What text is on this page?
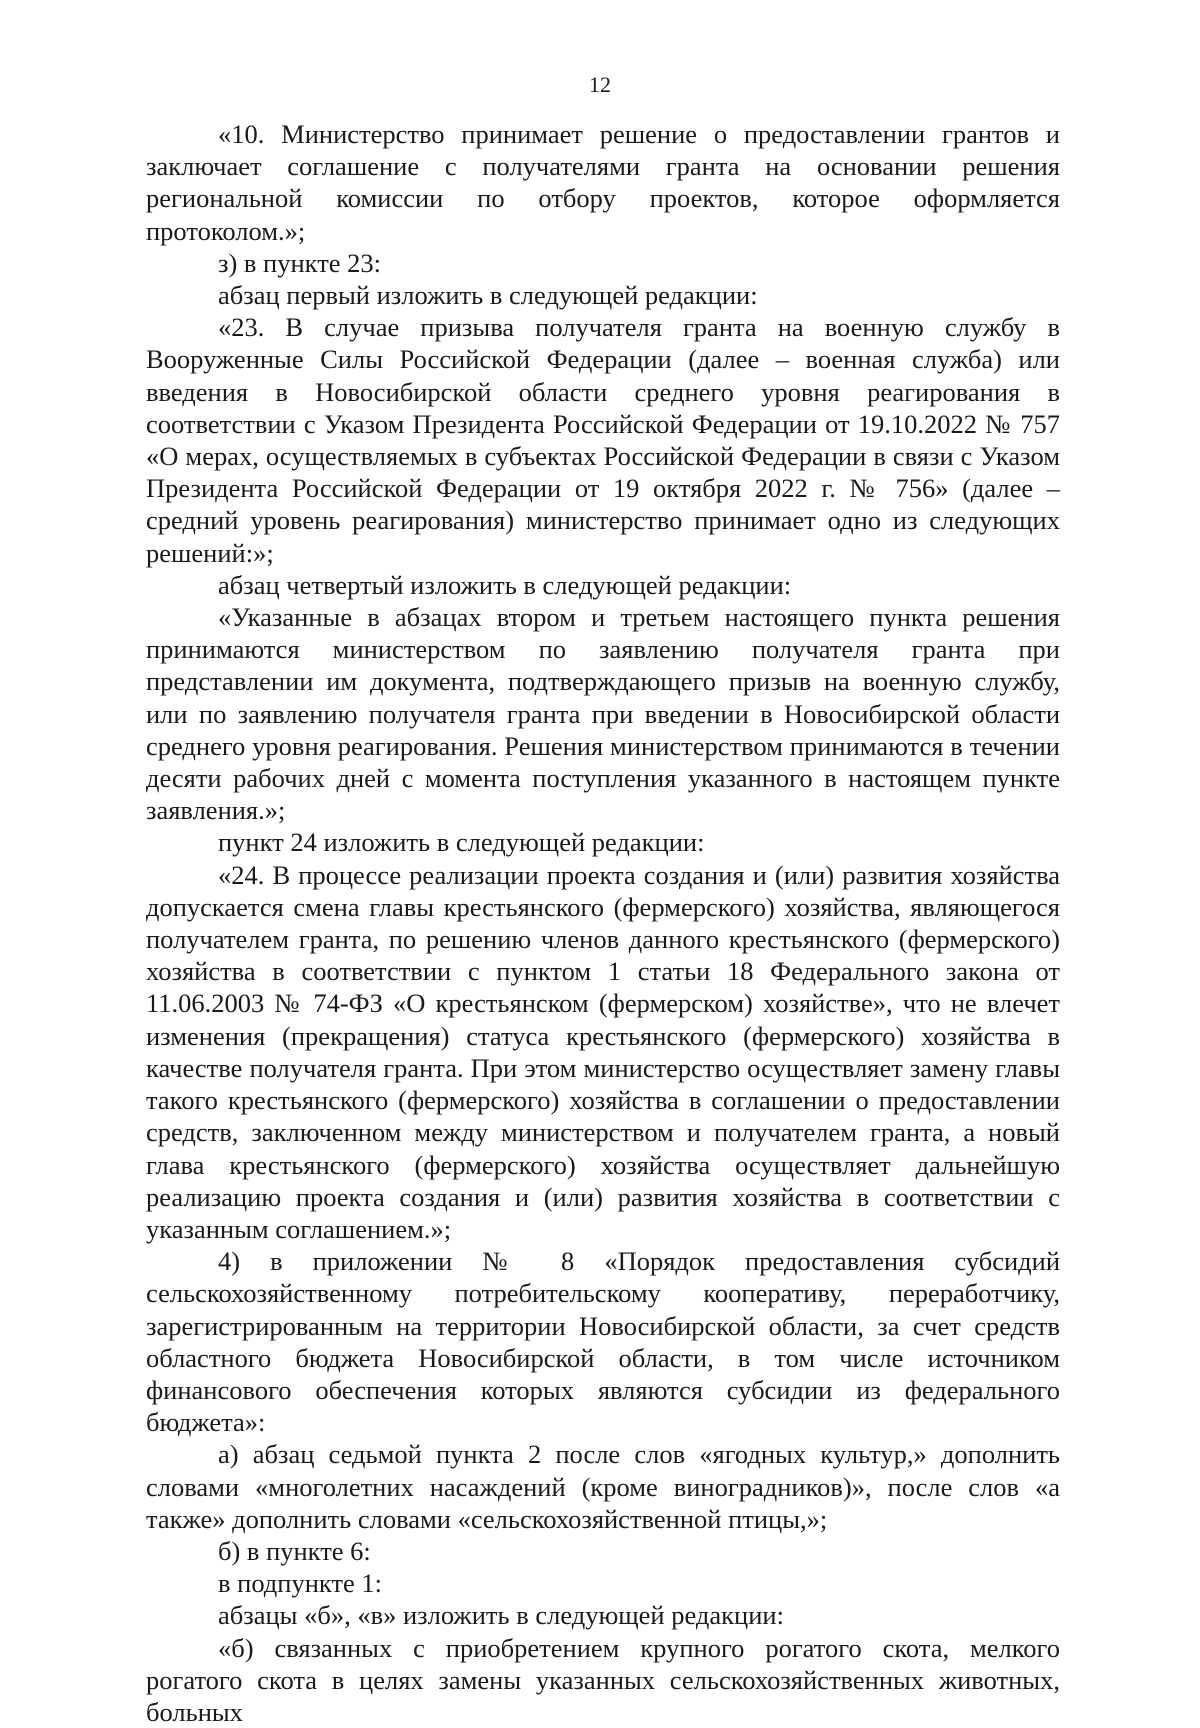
12

«10. Министерство принимает решение о предоставлении грантов и заключает соглашение с получателями гранта на основании решения региональной комиссии по отбору проектов, которое оформляется протоколом.»;

з) в пункте 23:

абзац первый изложить в следующей редакции:

«23. В случае призыва получателя гранта на военную службу в Вооруженные Силы Российской Федерации (далее – военная служба) или введения в Новосибирской области среднего уровня реагирования в соответствии с Указом Президента Российской Федерации от 19.10.2022 № 757 «О мерах, осуществляемых в субъектах Российской Федерации в связи с Указом Президента Российской Федерации от 19 октября 2022 г. № 756» (далее – средний уровень реагирования) министерство принимает одно из следующих решений:»;

абзац четвертый изложить в следующей редакции:

«Указанные в абзацах втором и третьем настоящего пункта решения принимаются министерством по заявлению получателя гранта при представлении им документа, подтверждающего призыв на военную службу, или по заявлению получателя гранта при введении в Новосибирской области среднего уровня реагирования. Решения министерством принимаются в течении десяти рабочих дней с момента поступления указанного в настоящем пункте заявления.»;

пункт 24 изложить в следующей редакции:

«24. В процессе реализации проекта создания и (или) развития хозяйства допускается смена главы крестьянского (фермерского) хозяйства, являющегося получателем гранта, по решению членов данного крестьянского (фермерского) хозяйства в соответствии с пунктом 1 статьи 18 Федерального закона от 11.06.2003 № 74-ФЗ «О крестьянском (фермерском) хозяйстве», что не влечет изменения (прекращения) статуса крестьянского (фермерского) хозяйства в качестве получателя гранта. При этом министерство осуществляет замену главы такого крестьянского (фермерского) хозяйства в соглашении о предоставлении средств, заключенном между министерством и получателем гранта, а новый глава крестьянского (фермерского) хозяйства осуществляет дальнейшую реализацию проекта создания и (или) развития хозяйства в соответствии с указанным соглашением.»;

4) в приложении № 8 «Порядок предоставления субсидий сельскохозяйственному потребительскому кооперативу, переработчику, зарегистрированным на территории Новосибирской области, за счет средств областного бюджета Новосибирской области, в том числе источником финансового обеспечения которых являются субсидии из федерального бюджета»:

а) абзац седьмой пункта 2 после слов «ягодных культур,» дополнить словами «многолетних насаждений (кроме виноградников)», после слов «а также» дополнить словами «сельскохозяйственной птицы,»;

б) в пункте 6:

в подпункте 1:

абзацы «б», «в» изложить в следующей редакции:

«б) связанных с приобретением крупного рогатого скота, мелкого рогатого скота в целях замены указанных сельскохозяйственных животных, больных
